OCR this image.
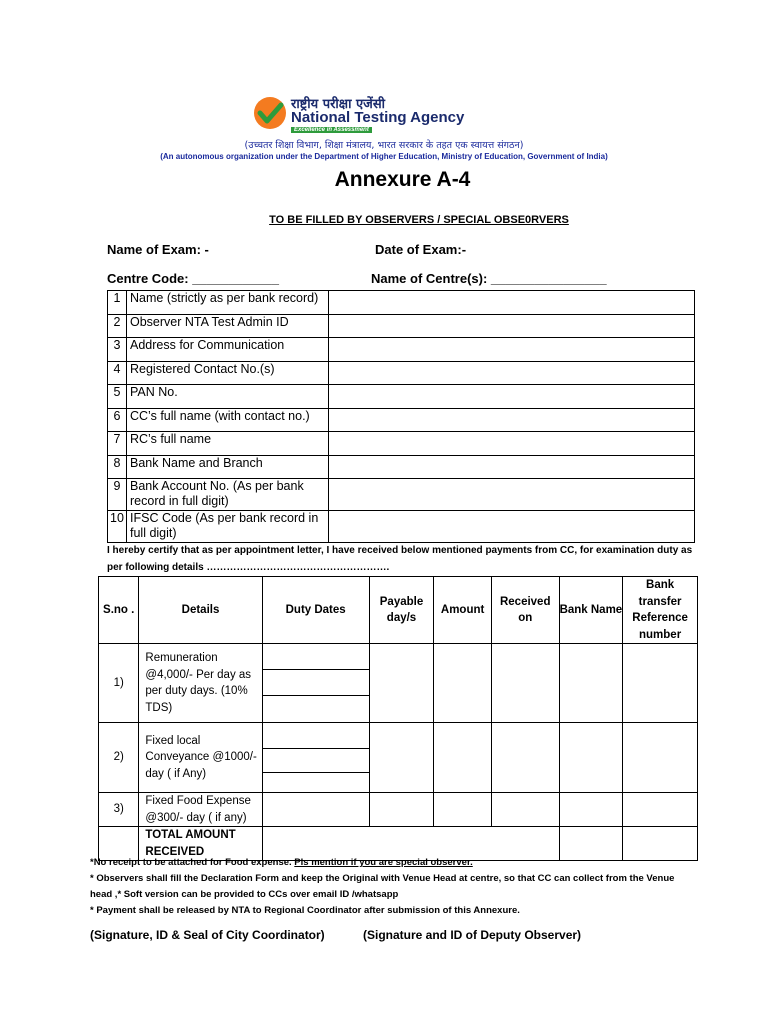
राष्ट्रीय परीक्षा एजेंसी
National Testing Agency
Excellence in Assessment
(उच्चतर शिक्षा विभाग, शिक्षा मंत्रालय, भारत सरकार के तहत एक स्वायत्त संगठन)
(An autonomous organization under the Department of Higher Education, Ministry of Education, Government of India)
Annexure A-4
TO BE FILLED BY OBSERVERS / SPECIAL OBSE0RVERS
Name of Exam: -	Date of Exam:-
Centre Code: ____________	Name of Centre(s): ________________
1	Name (strictly as per bank record)	
2	Observer NTA Test Admin ID	
3	Address for Communication	
4	Registered Contact No.(s)	
5	PAN No.	
6	CC’s full name (with contact no.)	
7	RC’s full name	
8	Bank Name and Branch	
9	Bank Account No. (As per bank record in full digit)	
10	IFSC Code (As per bank record in full digit)	
I hereby certify that as per appointment letter, I have received below mentioned payments from CC, for examination duty as per following details ……………………………………………….
S.no .	Details	Duty Dates	Payable day/s	Amount	Received on	Bank Name	Bank transfer Reference number
1)	Remuneration @4,000/- Per day as per duty days. (10% TDS)						

2)	Fixed local Conveyance @1000/- day ( if Any)						

3)	Fixed Food Expense @300/- day ( if any)						
	TOTAL AMOUNT RECEIVED						
*No receipt to be attached for Food expense. Pls mention if you are special observer.
* Observers shall fill the Declaration Form and keep the Original with Venue Head at centre, so that CC can collect from the Venue head ,* Soft version can be provided to CCs over email ID /whatsapp
* Payment shall be released by NTA to Regional Coordinator after submission of this Annexure.
(Signature, ID & Seal of City Coordinator)	(Signature and ID of Deputy Observer)
